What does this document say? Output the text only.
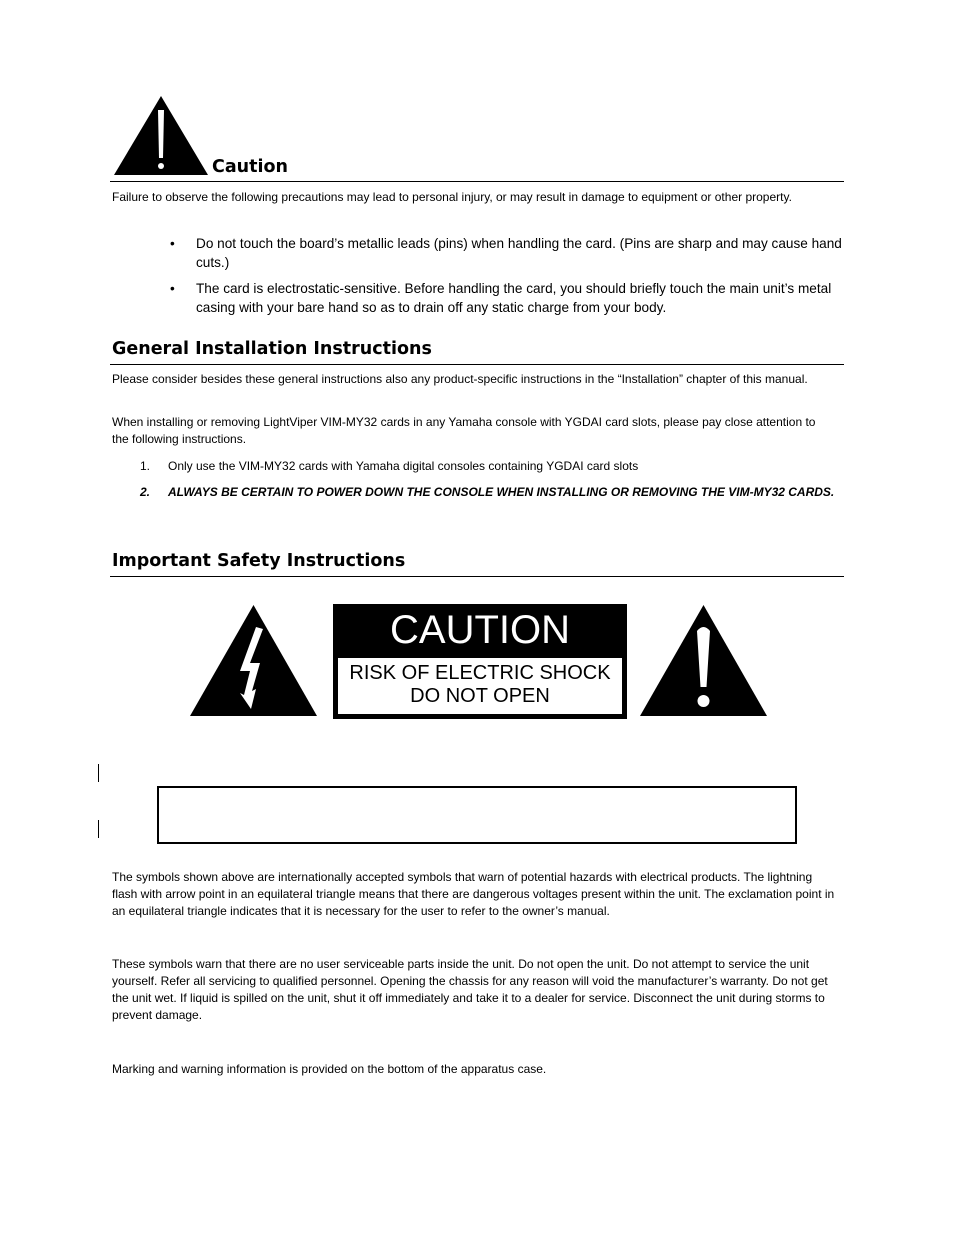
Caution
Failure to observe the following precautions may lead to personal injury, or may result in damage to equipment or other property.
• Do not touch the board’s metallic leads (pins) when handling the card. (Pins are sharp and may cause hand cuts.)
• The card is electrostatic-sensitive. Before handling the card, you should briefly touch the main unit’s metal casing with your bare hand so as to drain off any static charge from your body.
General Installation Instructions
Please consider besides these general instructions also any product-specific instructions in the “Installation” chapter of this manual.
When installing or removing LightViper VIM-MY32 cards in any Yamaha console with YGDAI card slots, please pay close attention to the following instructions.
1. Only use the VIM-MY32 cards with Yamaha digital consoles containing YGDAI card slots
2. ALWAYS BE CERTAIN TO POWER DOWN THE CONSOLE WHEN INSTALLING OR REMOVING THE VIM-MY32 CARDS.
Important Safety Instructions
CAUTION
RISK OF ELECTRIC SHOCK
DO NOT OPEN
The symbols shown above are internationally accepted symbols that warn of potential hazards with electrical products. The lightning flash with arrow point in an equilateral triangle means that there are dangerous voltages present within the unit. The exclamation point in an equilateral triangle indicates that it is necessary for the user to refer to the owner’s manual.
These symbols warn that there are no user serviceable parts inside the unit. Do not open the unit. Do not attempt to service the unit yourself. Refer all servicing to qualified personnel. Opening the chassis for any reason will void the manufacturer’s warranty. Do not get the unit wet. If liquid is spilled on the unit, shut it off immediately and take it to a dealer for service. Disconnect the unit during storms to prevent damage.
Marking and warning information is provided on the bottom of the apparatus case.
